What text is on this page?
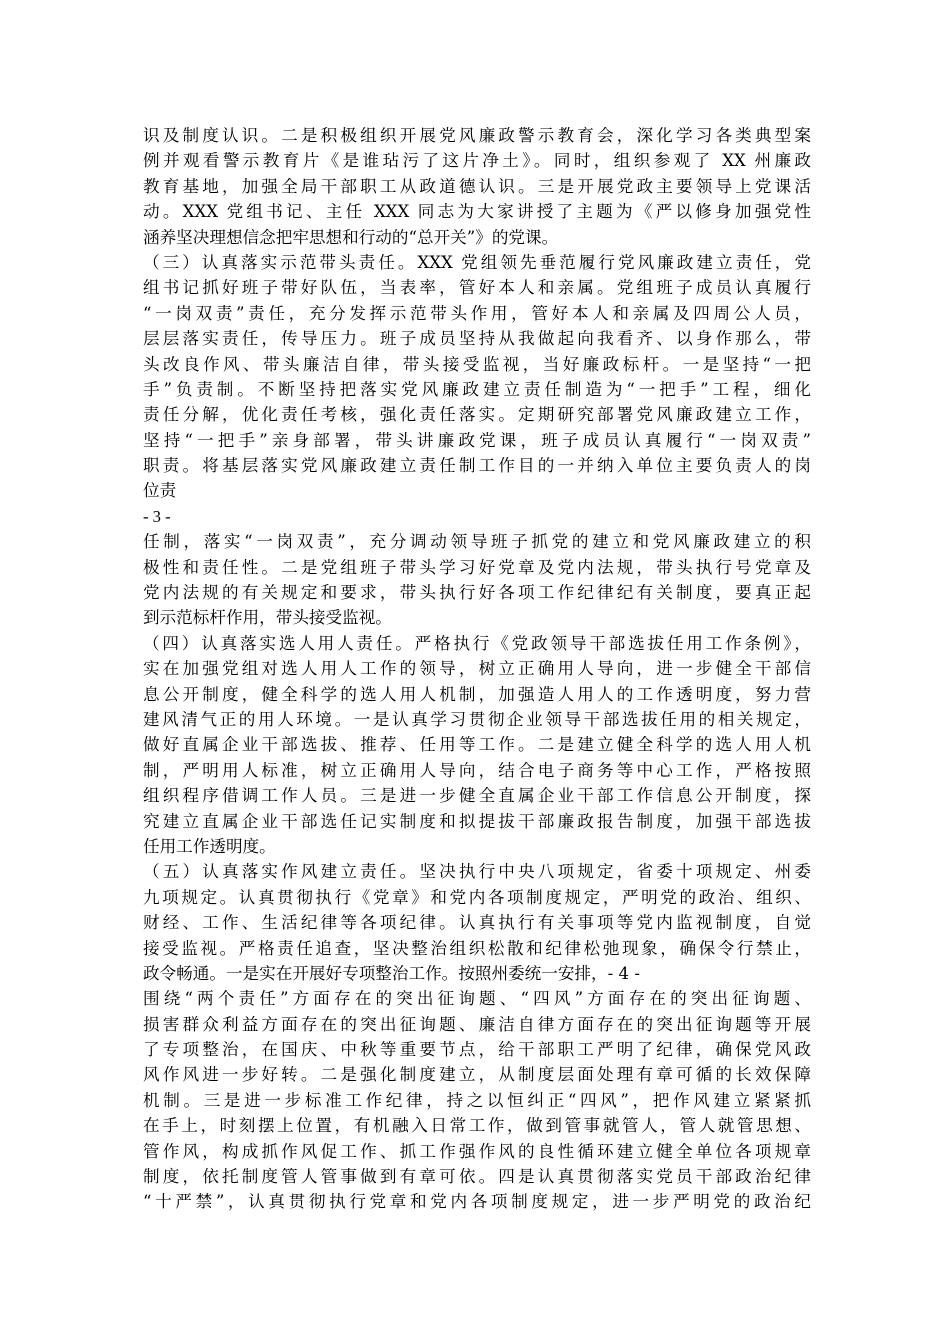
识及制度认识。二是积极组织开展党风廉政警示教育会，深化学习各类典型案
例并观看警示教育片《是谁玷污了这片净土》。同时，组织参观了 XX 州廉政
教育基地，加强全局干部职工从政道德认识。三是开展党政主要领导上党课活
动。XXX 党组书记、主任 XXX 同志为大家讲授了主题为《严以修身加强党性
涵养坚决理想信念把牢思想和行动的“总开关”》的党课。
（三）认真落实示范带头责任。XXX 党组领先垂范履行党风廉政建立责任，党
组书记抓好班子带好队伍，当表率，管好本人和亲属。党组班子成员认真履行
“一岗双责”责任，充分发挥示范带头作用，管好本人和亲属及四周公人员，
层层落实责任，传导压力。班子成员坚持从我做起向我看齐、以身作那么，带
头改良作风、带头廉洁自律，带头接受监视，当好廉政标杆。一是坚持“一把
手”负责制。不断坚持把落实党风廉政建立责任制造为“一把手”工程，细化
责任分解，优化责任考核，强化责任落实。定期研究部署党风廉政建立工作，
坚持“一把手”亲身部署，带头讲廉政党课，班子成员认真履行“一岗双责”
职责。将基层落实党风廉政建立责任制工作目的一并纳入单位主要负责人的岗
位责
- 3 -
任制，落实“一岗双责”，充分调动领导班子抓党的建立和党风廉政建立的积
极性和责任性。二是党组班子带头学习好党章及党内法规，带头执行号党章及
党内法规的有关规定和要求，带头执行好各项工作纪律纪有关制度，要真正起
到示范标杆作用，带头接受监视。
（四）认真落实选人用人责任。严格执行《党政领导干部选拔任用工作条例》，
实在加强党组对选人用人工作的领导，树立正确用人导向，进一步健全干部信
息公开制度，健全科学的选人用人机制，加强造人用人的工作透明度，努力营
建风清气正的用人环境。一是认真学习贯彻企业领导干部选拔任用的相关规定，
做好直属企业干部选拔、推荐、任用等工作。二是建立健全科学的选人用人机
制，严明用人标准，树立正确用人导向，结合电子商务等中心工作，严格按照
组织程序借调工作人员。三是进一步健全直属企业干部工作信息公开制度，探
究建立直属企业干部选任记实制度和拟提拔干部廉政报告制度，加强干部选拔
任用工作透明度。
（五）认真落实作风建立责任。坚决执行中央八项规定，省委十项规定、州委
九项规定。认真贯彻执行《党章》和党内各项制度规定，严明党的政治、组织、
财经、工作、生活纪律等各项纪律。认真执行有关事项等党内监视制度，自觉
接受监视。严格责任追查，坚决整治组织松散和纪律松弛现象，确保令行禁止，
政令畅通。一是实在开展好专项整治工作。按照州委统一安排，- 4 -
围绕“两个责任”方面存在的突出征询题、“四风”方面存在的突出征询题、
损害群众利益方面存在的突出征询题、廉洁自律方面存在的突出征询题等开展
了专项整治，在国庆、中秋等重要节点，给干部职工严明了纪律，确保党风政
风作风进一步好转。二是强化制度建立，从制度层面处理有章可循的长效保障
机制。三是进一步标准工作纪律，持之以恒纠正“四风”，把作风建立紧紧抓
在手上，时刻摆上位置，有机融入日常工作，做到管事就管人，管人就管思想、
管作风，构成抓作风促工作、抓工作强作风的良性循环建立健全单位各项规章
制度，依托制度管人管事做到有章可依。四是认真贯彻落实党员干部政治纪律
“十严禁”，认真贯彻执行党章和党内各项制度规定，进一步严明党的政治纪
